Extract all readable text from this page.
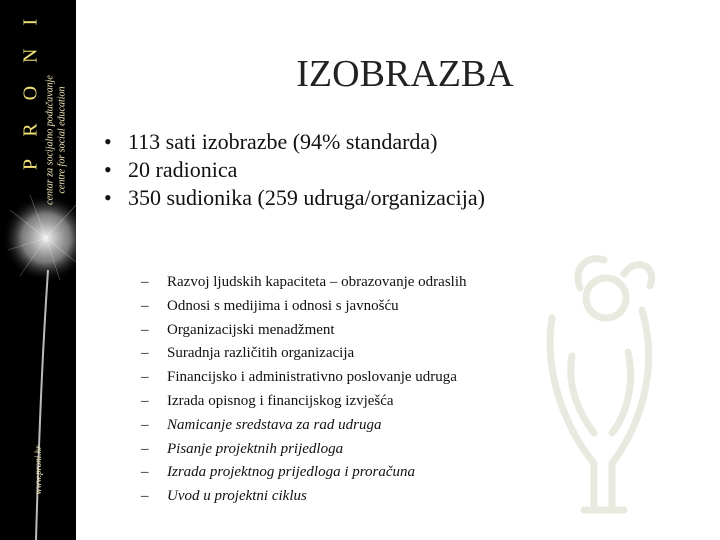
P R O N I centar za socijalno podučavanje centre for social education
www.proni.hr
IZOBRAZBA
• 113 sati izobrazbe (94% standarda)
• 20 radionica
• 350 sudionika (259 udruga/organizacija)
– Razvoj ljudskih kapaciteta – obrazovanje odraslih
– Odnosi s medijima i odnosi s javnošću
– Organizacijski menadžment
– Suradnja različitih organizacija
– Financijsko i administrativno poslovanje udruga
– Izrada opisnog i financijskog izvješća
– Namicanje sredstava za rad udruga
– Pisanje projektnih prijedloga
– Izrada projektnog prijedloga i proračuna
– Uvod u projektni ciklus
